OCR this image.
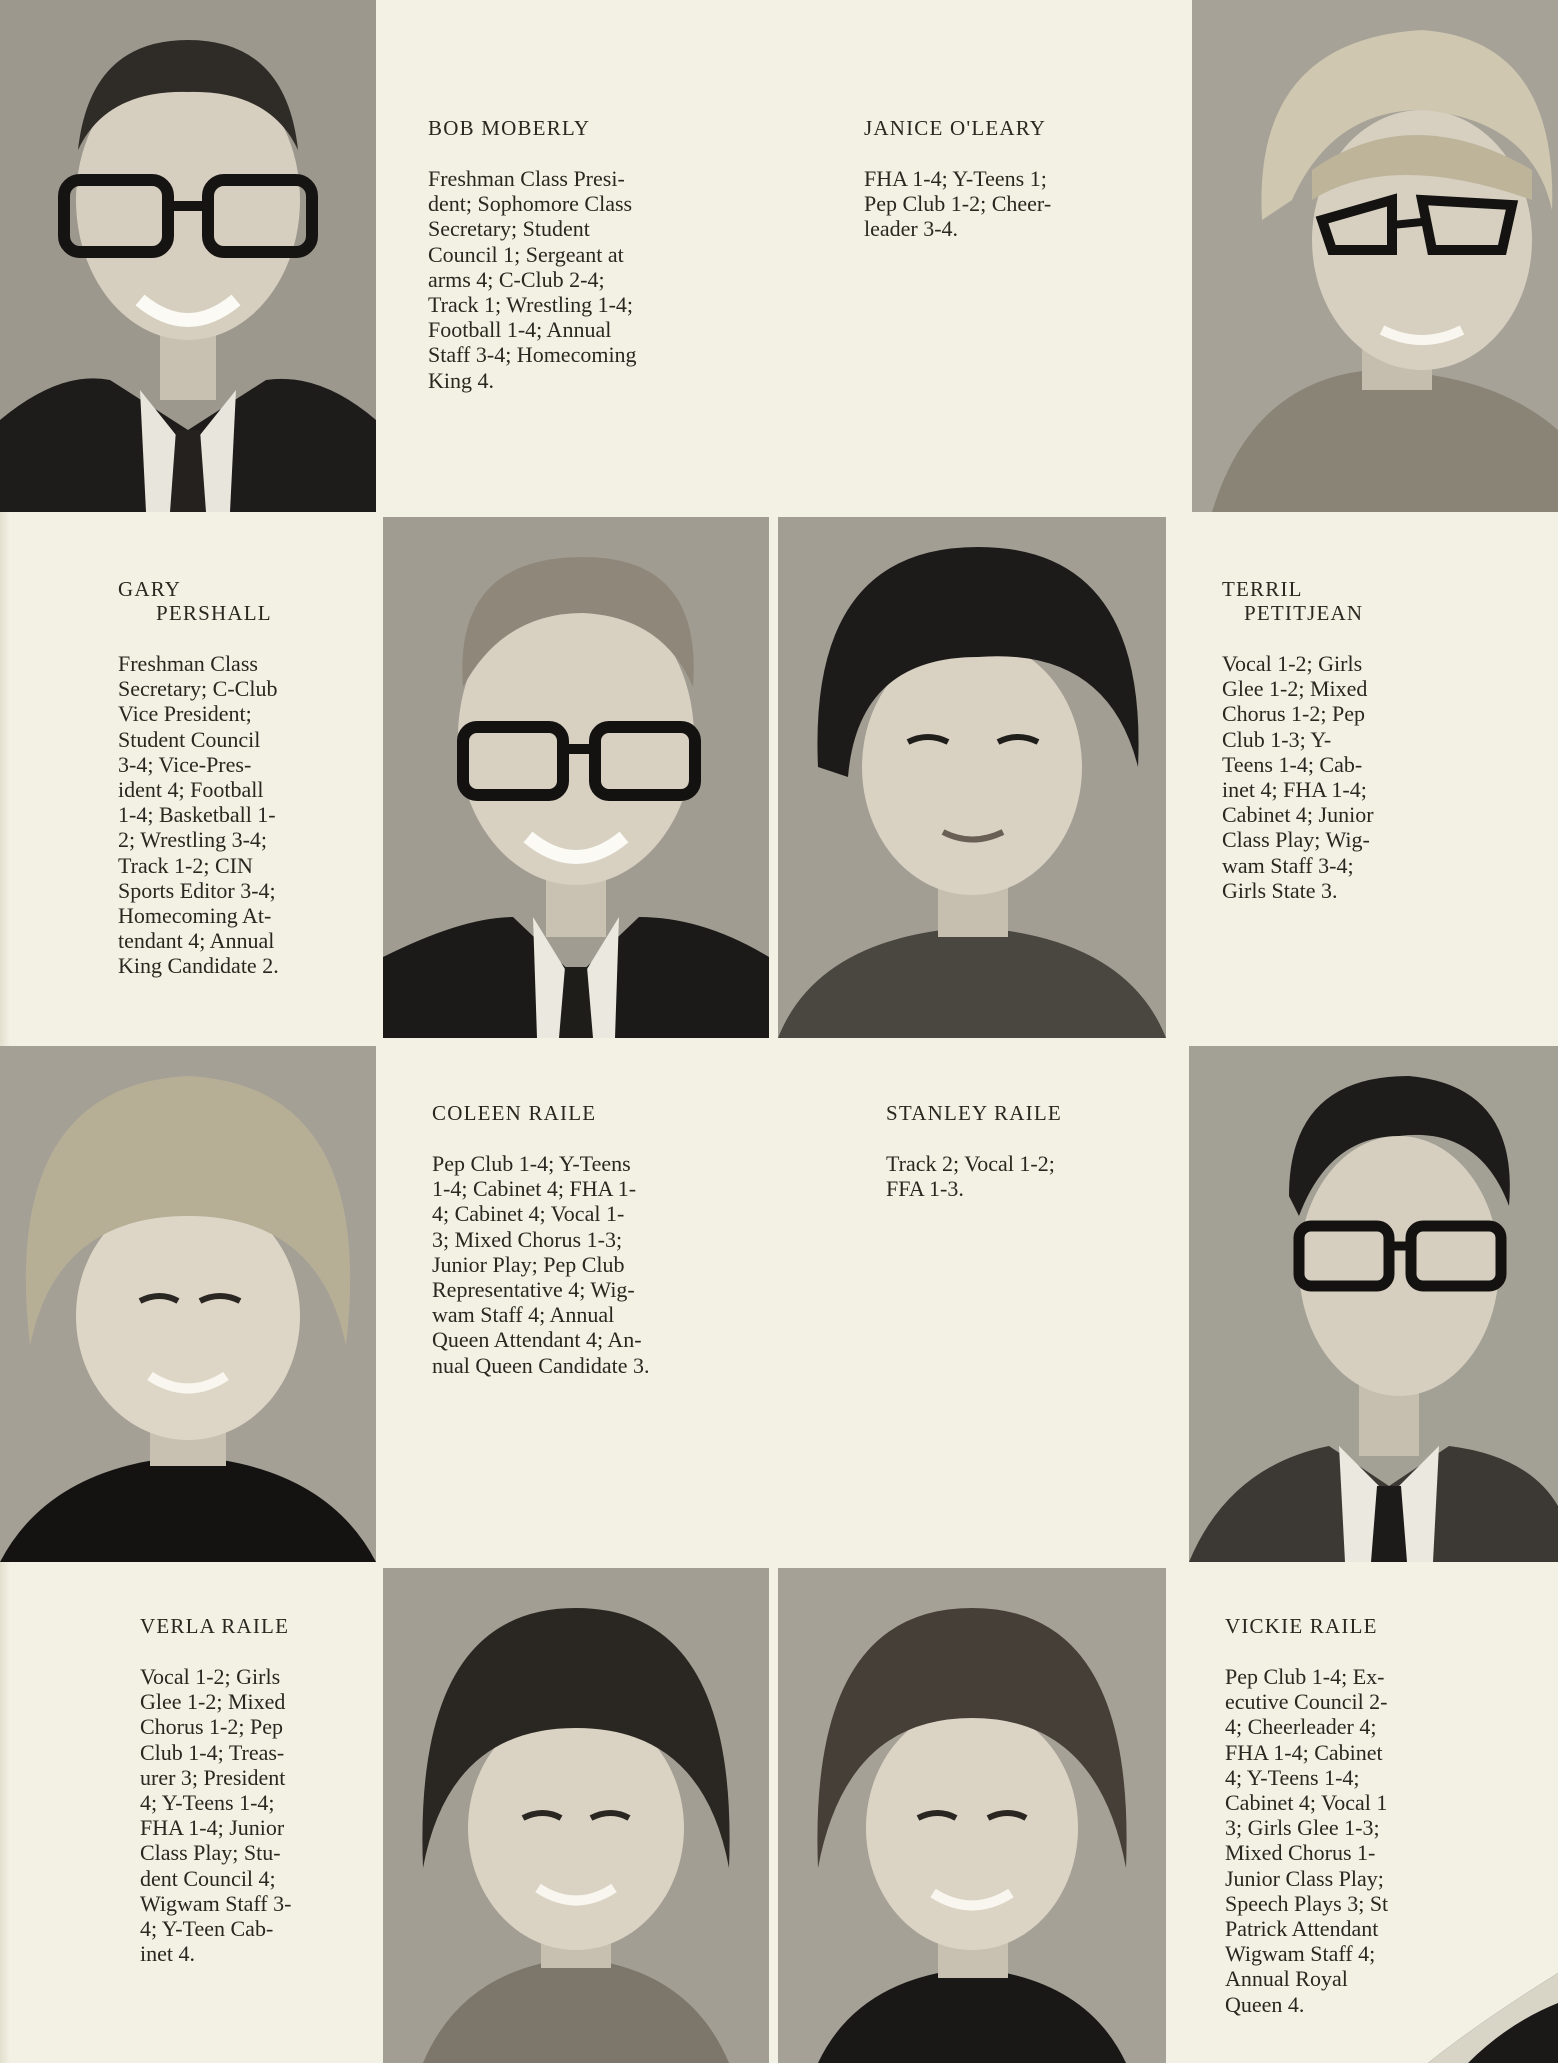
BOB MOBERLY

Freshman Class Presi-
dent; Sophomore Class
Secretary; Student
Council 1; Sergeant at
arms 4; C-Club 2-4;
Track 1; Wrestling 1-4;
Football 1-4; Annual
Staff 3-4; Homecoming
King 4.

JANICE O'LEARY

FHA 1-4; Y-Teens 1;
Pep Club 1-2; Cheer-
leader 3-4.

GARY
PERSHALL

Freshman Class
Secretary; C-Club
Vice President;
Student Council
3-4; Vice-Pres-
ident 4; Football
1-4; Basketball 1-
2; Wrestling 3-4;
Track 1-2; CIN
Sports Editor 3-4;
Homecoming At-
tendant 4; Annual
King Candidate 2.

TERRIL
PETITJEAN

Vocal 1-2; Girls
Glee 1-2; Mixed
Chorus 1-2; Pep
Club 1-3; Y-
Teens 1-4; Cab-
inet 4; FHA 1-4;
Cabinet 4; Junior
Class Play; Wig-
wam Staff 3-4;
Girls State 3.

COLEEN RAILE

Pep Club 1-4; Y-Teens
1-4; Cabinet 4; FHA 1-
4; Cabinet 4; Vocal 1-
3; Mixed Chorus 1-3;
Junior Play; Pep Club
Representative 4; Wig-
wam Staff 4; Annual
Queen Attendant 4; An-
nual Queen Candidate 3.

STANLEY RAILE

Track 2; Vocal 1-2;
FFA 1-3.

VERLA RAILE

Vocal 1-2; Girls
Glee 1-2; Mixed
Chorus 1-2; Pep
Club 1-4; Treas-
urer 3; President
4; Y-Teens 1-4;
FHA 1-4; Junior
Class Play; Stu-
dent Council 4;
Wigwam Staff 3-
4; Y-Teen Cab-
inet 4.

VICKIE RAILE

Pep Club 1-4; Ex-
ecutive Council 2-
4; Cheerleader 4;
FHA 1-4; Cabinet
4; Y-Teens 1-4;
Cabinet 4; Vocal 1
3; Girls Glee 1-3;
Mixed Chorus 1-
Junior Class Play;
Speech Plays 3; St
Patrick Attendant
Wigwam Staff 4;
Annual Royal
Queen 4.
